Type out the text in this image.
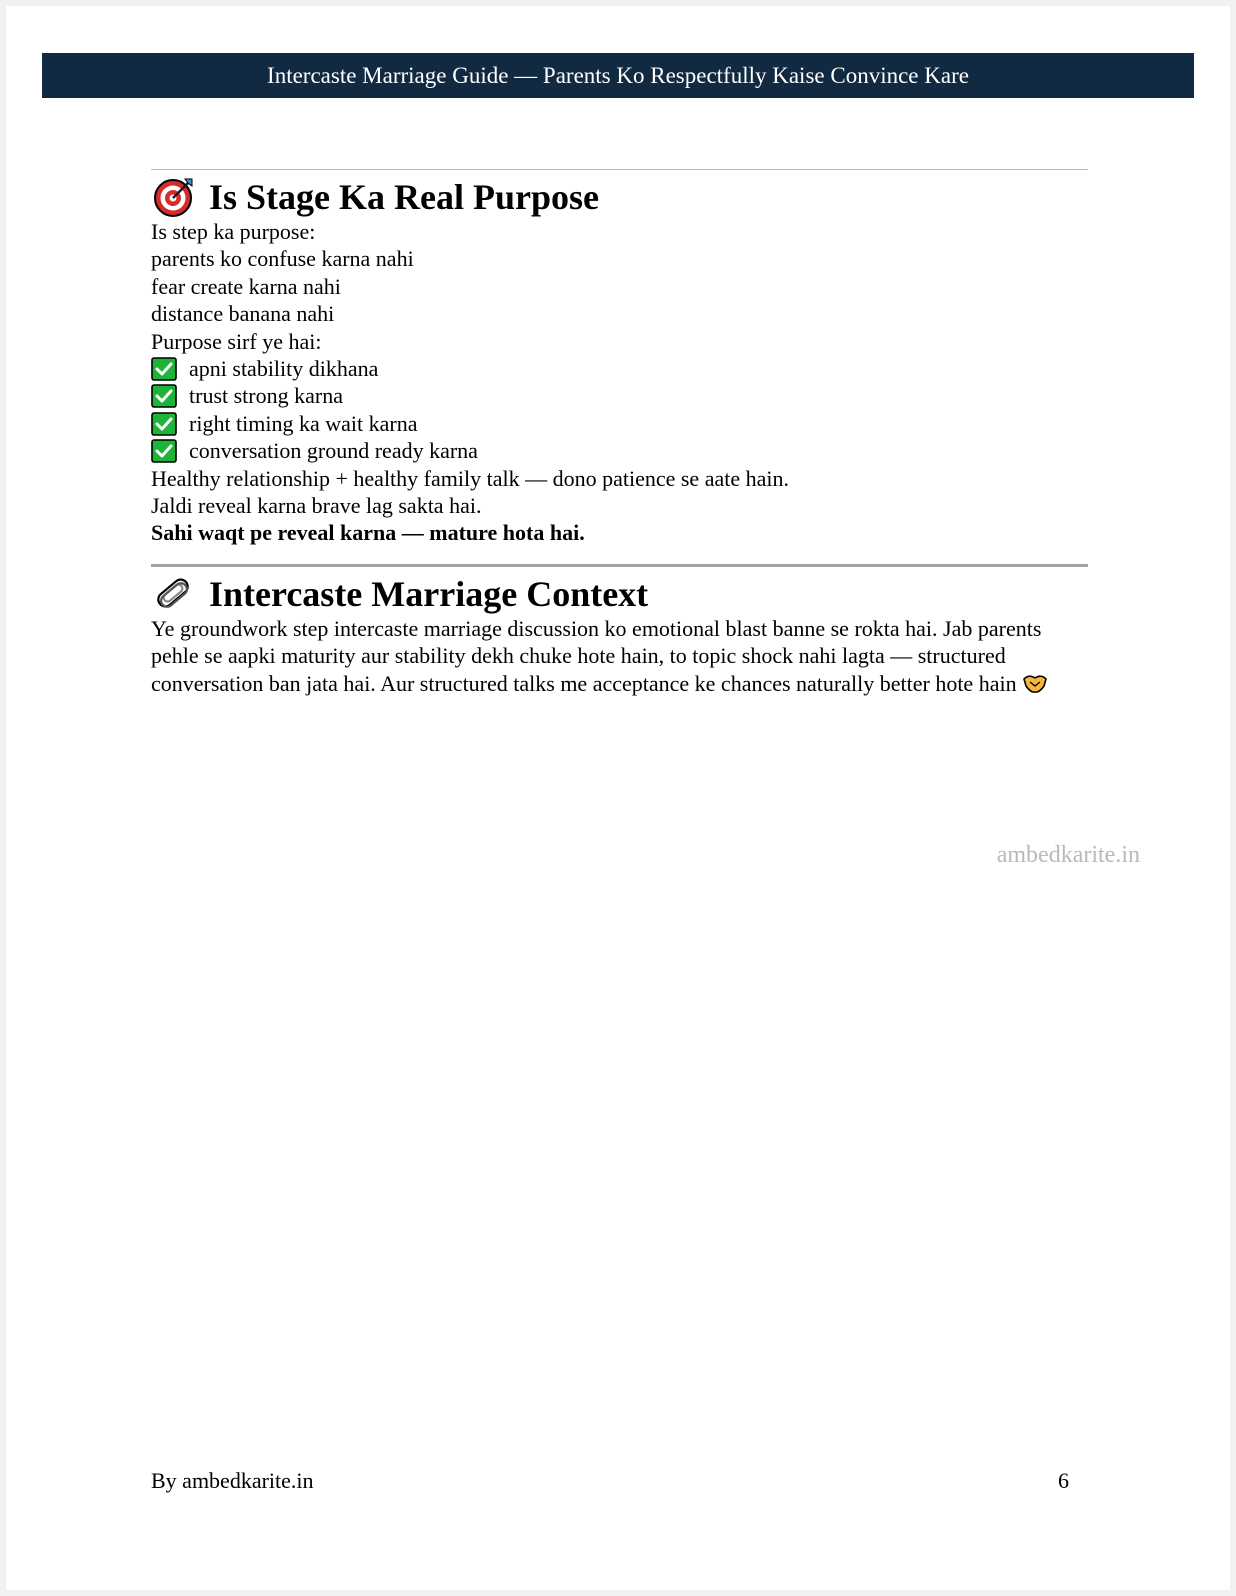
Intercaste Marriage Guide — Parents Ko Respectfully Kaise Convince Kare
Is Stage Ka Real Purpose

Is step ka purpose:

parents ko confuse karna nahi

fear create karna nahi

distance banana nahi

Purpose sirf ye hai:

apni stability dikhana
trust strong karna
right timing ka wait karna
conversation ground ready karna

Healthy relationship + healthy family talk — dono patience se aate hain.

Jaldi reveal karna brave lag sakta hai.

Sahi waqt pe reveal karna — mature hota hai.

Intercaste Marriage Context

Ye groundwork step intercaste marriage discussion ko emotional blast banne se rokta hai. Jab parents pehle se aapki maturity aur stability dekh chuke hote hain, to topic shock nahi lagta — structured conversation ban jata hai. Aur structured talks me acceptance ke chances naturally better hote hain

ambedkarite.in
By ambedkarite.in	6
